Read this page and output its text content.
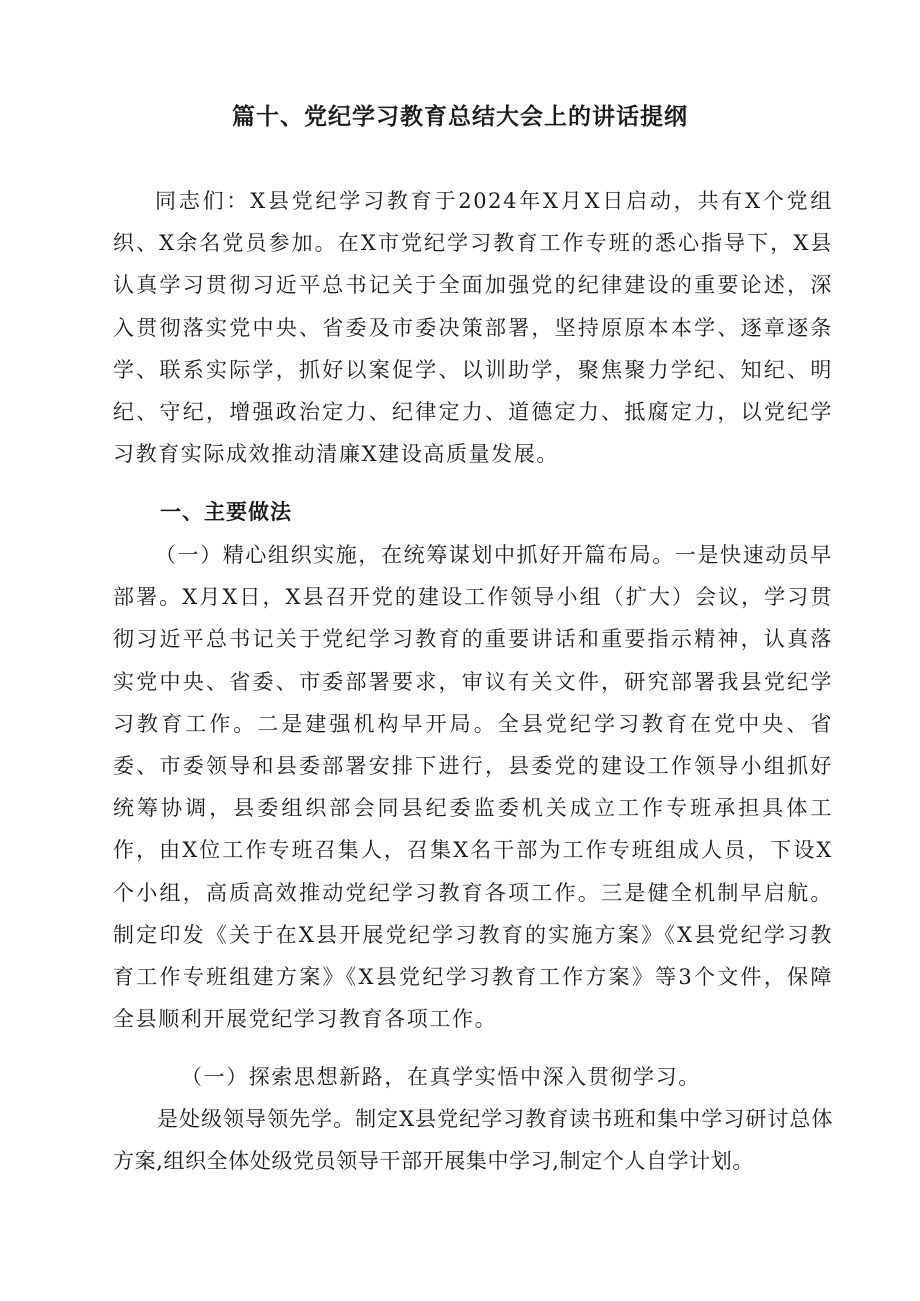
篇十、党纪学习教育总结大会上的讲话提纲

同志们：X县党纪学习教育于2024年X月X日启动，共有X个党组织、X余名党员参加。在X市党纪学习教育工作专班的悉心指导下，X县认真学习贯彻习近平总书记关于全面加强党的纪律建设的重要论述，深入贯彻落实党中央、省委及市委决策部署，坚持原原本本学、逐章逐条学、联系实际学，抓好以案促学、以训助学，聚焦聚力学纪、知纪、明纪、守纪，增强政治定力、纪律定力、道德定力、抵腐定力，以党纪学习教育实际成效推动清廉X建设高质量发展。

一、主要做法

（一）精心组织实施，在统筹谋划中抓好开篇布局。一是快速动员早部署。X月X日，X县召开党的建设工作领导小组（扩大）会议，学习贯彻习近平总书记关于党纪学习教育的重要讲话和重要指示精神，认真落实党中央、省委、市委部署要求，审议有关文件，研究部署我县党纪学习教育工作。二是建强机构早开局。全县党纪学习教育在党中央、省委、市委领导和县委部署安排下进行，县委党的建设工作领导小组抓好统筹协调，县委组织部会同县纪委监委机关成立工作专班承担具体工作，由X位工作专班召集人，召集X名干部为工作专班组成人员，下设X个小组，高质高效推动党纪学习教育各项工作。三是健全机制早启航。制定印发《关于在X县开展党纪学习教育的实施方案》《X县党纪学习教育工作专班组建方案》《X县党纪学习教育工作方案》等3个文件，保障全县顺利开展党纪学习教育各项工作。

（一）探索思想新路，在真学实悟中深入贯彻学习。

是处级领导领先学。制定X县党纪学习教育读书班和集中学习研讨总体方案,组织全体处级党员领导干部开展集中学习,制定个人自学计划。
